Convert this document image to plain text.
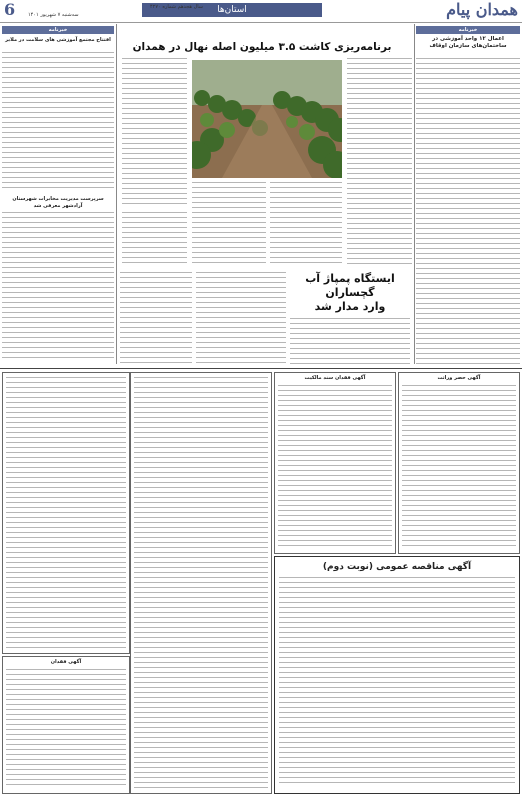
همدان پیام
استان‌ها
سال هجدهم شماره ۴۲۷۰
سه‌شنبه ۷ شهریور ۱۴۰۱
6
خبرنامه
اعمال ۱۲ واحد آموزشی در ساختمان‌های سازمان اوقاف
برنامه‌ریزی کاشت ۳.۵ میلیون اصله نهال در همدان
خبرنامه
افتتاح مجتمع آموزشی های سلامت در ملایر
سرپرست مدیریت مخابرات شهرستان آرادشهر معرفی شد
ایستگاه پمپاژ آب
گچساران
وارد مدار شد
آگهی حصر وراثت
آگهی فقدان سند مالکیت
آگهی فقدان
آگهی مناقصه عمومی (نوبت دوم)
